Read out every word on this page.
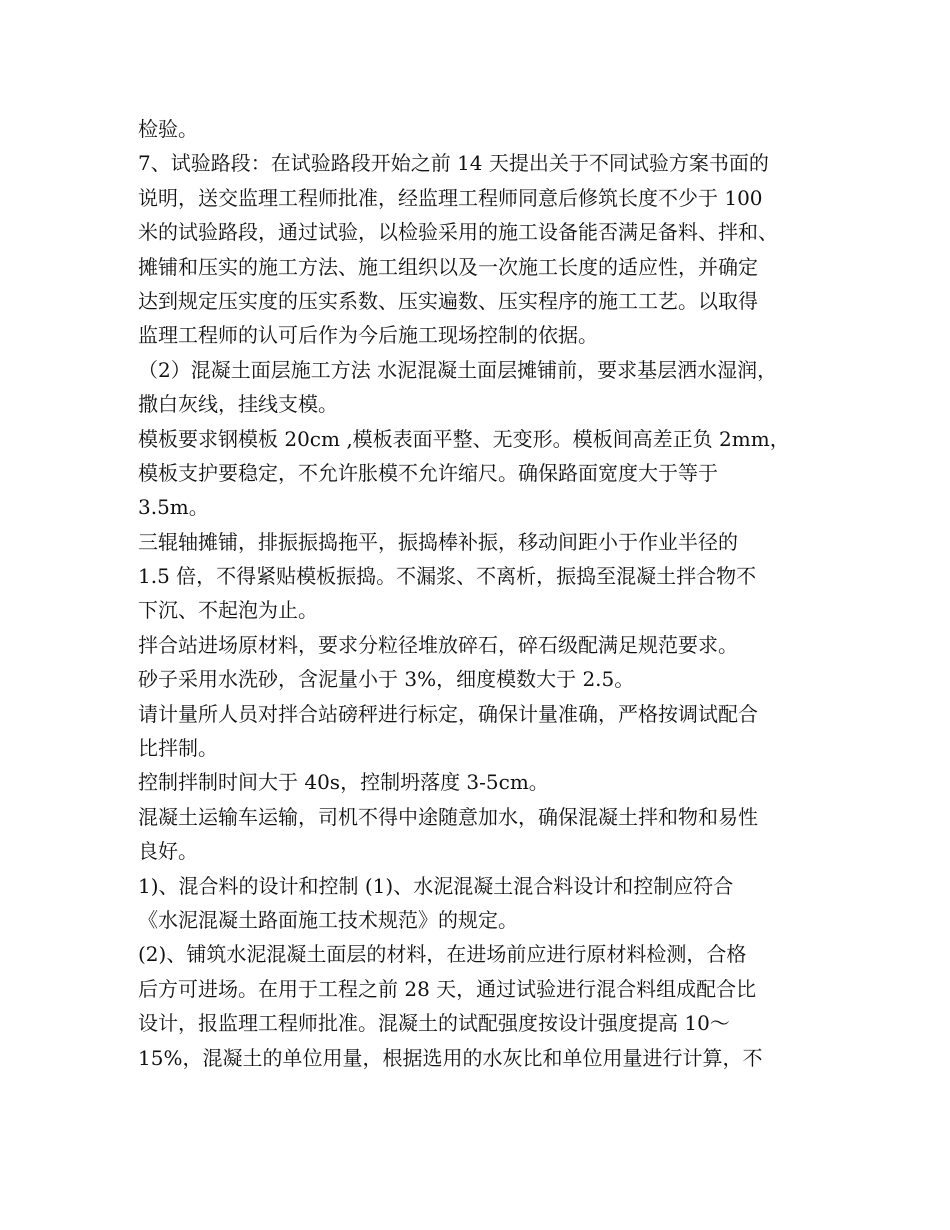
检验。
7、试验路段：在试验路段开始之前 14 天提出关于不同试验方案书面的
说明，送交监理工程师批准，经监理工程师同意后修筑长度不少于 100
米的试验路段，通过试验，以检验采用的施工设备能否满足备料、拌和、
摊铺和压实的施工方法、施工组织以及一次施工长度的适应性，并确定
达到规定压实度的压实系数、压实遍数、压实程序的施工工艺。以取得
监理工程师的认可后作为今后施工现场控制的依据。
（2）混凝土面层施工方法 水泥混凝土面层摊铺前，要求基层洒水湿润，
撒白灰线，挂线支模。
模板要求钢模板 20cm ,模板表面平整、无变形。模板间高差正负 2mm，
模板支护要稳定，不允许胀模不允许缩尺。确保路面宽度大于等于
3.5m。
三辊轴摊铺，排振振捣拖平，振捣棒补振，移动间距小于作业半径的
1.5 倍，不得紧贴模板振捣。不漏浆、不离析，振捣至混凝土拌合物不
下沉、不起泡为止。
拌合站进场原材料，要求分粒径堆放碎石，碎石级配满足规范要求。
砂子采用水洗砂，含泥量小于 3%，细度模数大于 2.5。
请计量所人员对拌合站磅秤进行标定，确保计量准确，严格按调试配合
比拌制。
控制拌制时间大于 40s，控制坍落度 3-5cm。
混凝土运输车运输，司机不得中途随意加水，确保混凝土拌和物和易性
良好。
1)、混合料的设计和控制 (1)、水泥混凝土混合料设计和控制应符合
《水泥混凝土路面施工技术规范》的规定。
(2)、铺筑水泥混凝土面层的材料，在进场前应进行原材料检测，合格
后方可进场。在用于工程之前 28 天，通过试验进行混合料组成配合比
设计，报监理工程师批准。混凝土的试配强度按设计强度提高 10～
15%，混凝土的单位用量，根据选用的水灰比和单位用量进行计算，不
